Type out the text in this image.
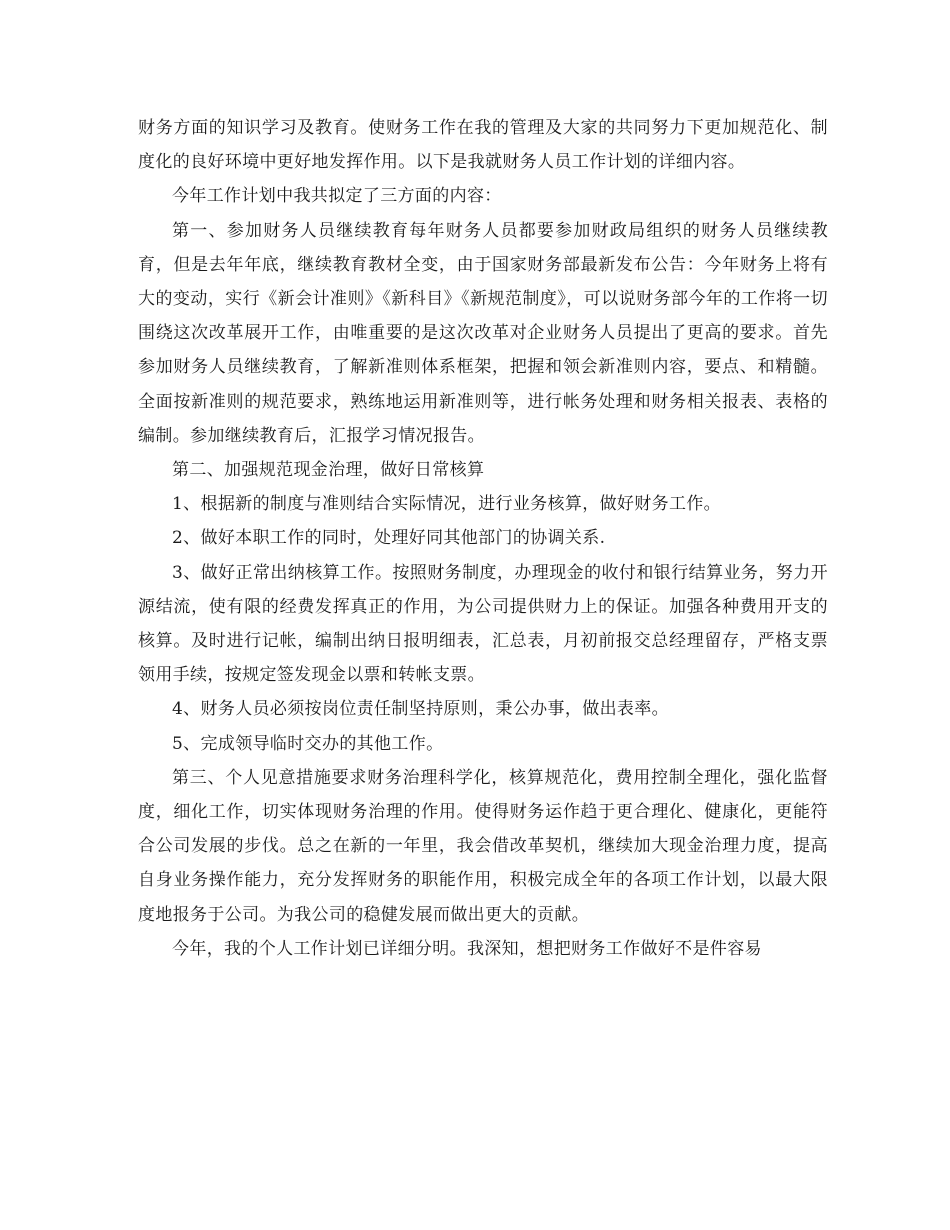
财务方面的知识学习及教育。使财务工作在我的管理及大家的共同努力下更加规范化、制度化的良好环境中更好地发挥作用。以下是我就财务人员工作计划的详细内容。

今年工作计划中我共拟定了三方面的内容：

第一、参加财务人员继续教育每年财务人员都要参加财政局组织的财务人员继续教育，但是去年年底，继续教育教材全变，由于国家财务部最新发布公告：今年财务上将有大的变动，实行《新会计准则》《新科目》《新规范制度》，可以说财务部今年的工作将一切围绕这次改革展开工作，由唯重要的是这次改革对企业财务人员提出了更高的要求。首先参加财务人员继续教育，了解新准则体系框架，把握和领会新准则内容，要点、和精髓。全面按新准则的规范要求，熟练地运用新准则等，进行帐务处理和财务相关报表、表格的编制。参加继续教育后，汇报学习情况报告。

第二、加强规范现金治理，做好日常核算

1、根据新的制度与准则结合实际情况，进行业务核算，做好财务工作。

2、做好本职工作的同时，处理好同其他部门的协调关系.

3、做好正常出纳核算工作。按照财务制度，办理现金的收付和银行结算业务，努力开源结流，使有限的经费发挥真正的作用，为公司提供财力上的保证。加强各种费用开支的核算。及时进行记帐，编制出纳日报明细表，汇总表，月初前报交总经理留存，严格支票领用手续，按规定签发现金以票和转帐支票。

4、财务人员必须按岗位责任制坚持原则，秉公办事，做出表率。

5、完成领导临时交办的其他工作。

第三、个人见意措施要求财务治理科学化，核算规范化，费用控制全理化，强化监督度，细化工作，切实体现财务治理的作用。使得财务运作趋于更合理化、健康化，更能符合公司发展的步伐。总之在新的一年里，我会借改革契机，继续加大现金治理力度，提高自身业务操作能力，充分发挥财务的职能作用，积极完成全年的各项工作计划，以最大限度地报务于公司。为我公司的稳健发展而做出更大的贡献。

今年，我的个人工作计划已详细分明。我深知，想把财务工作做好不是件容易
